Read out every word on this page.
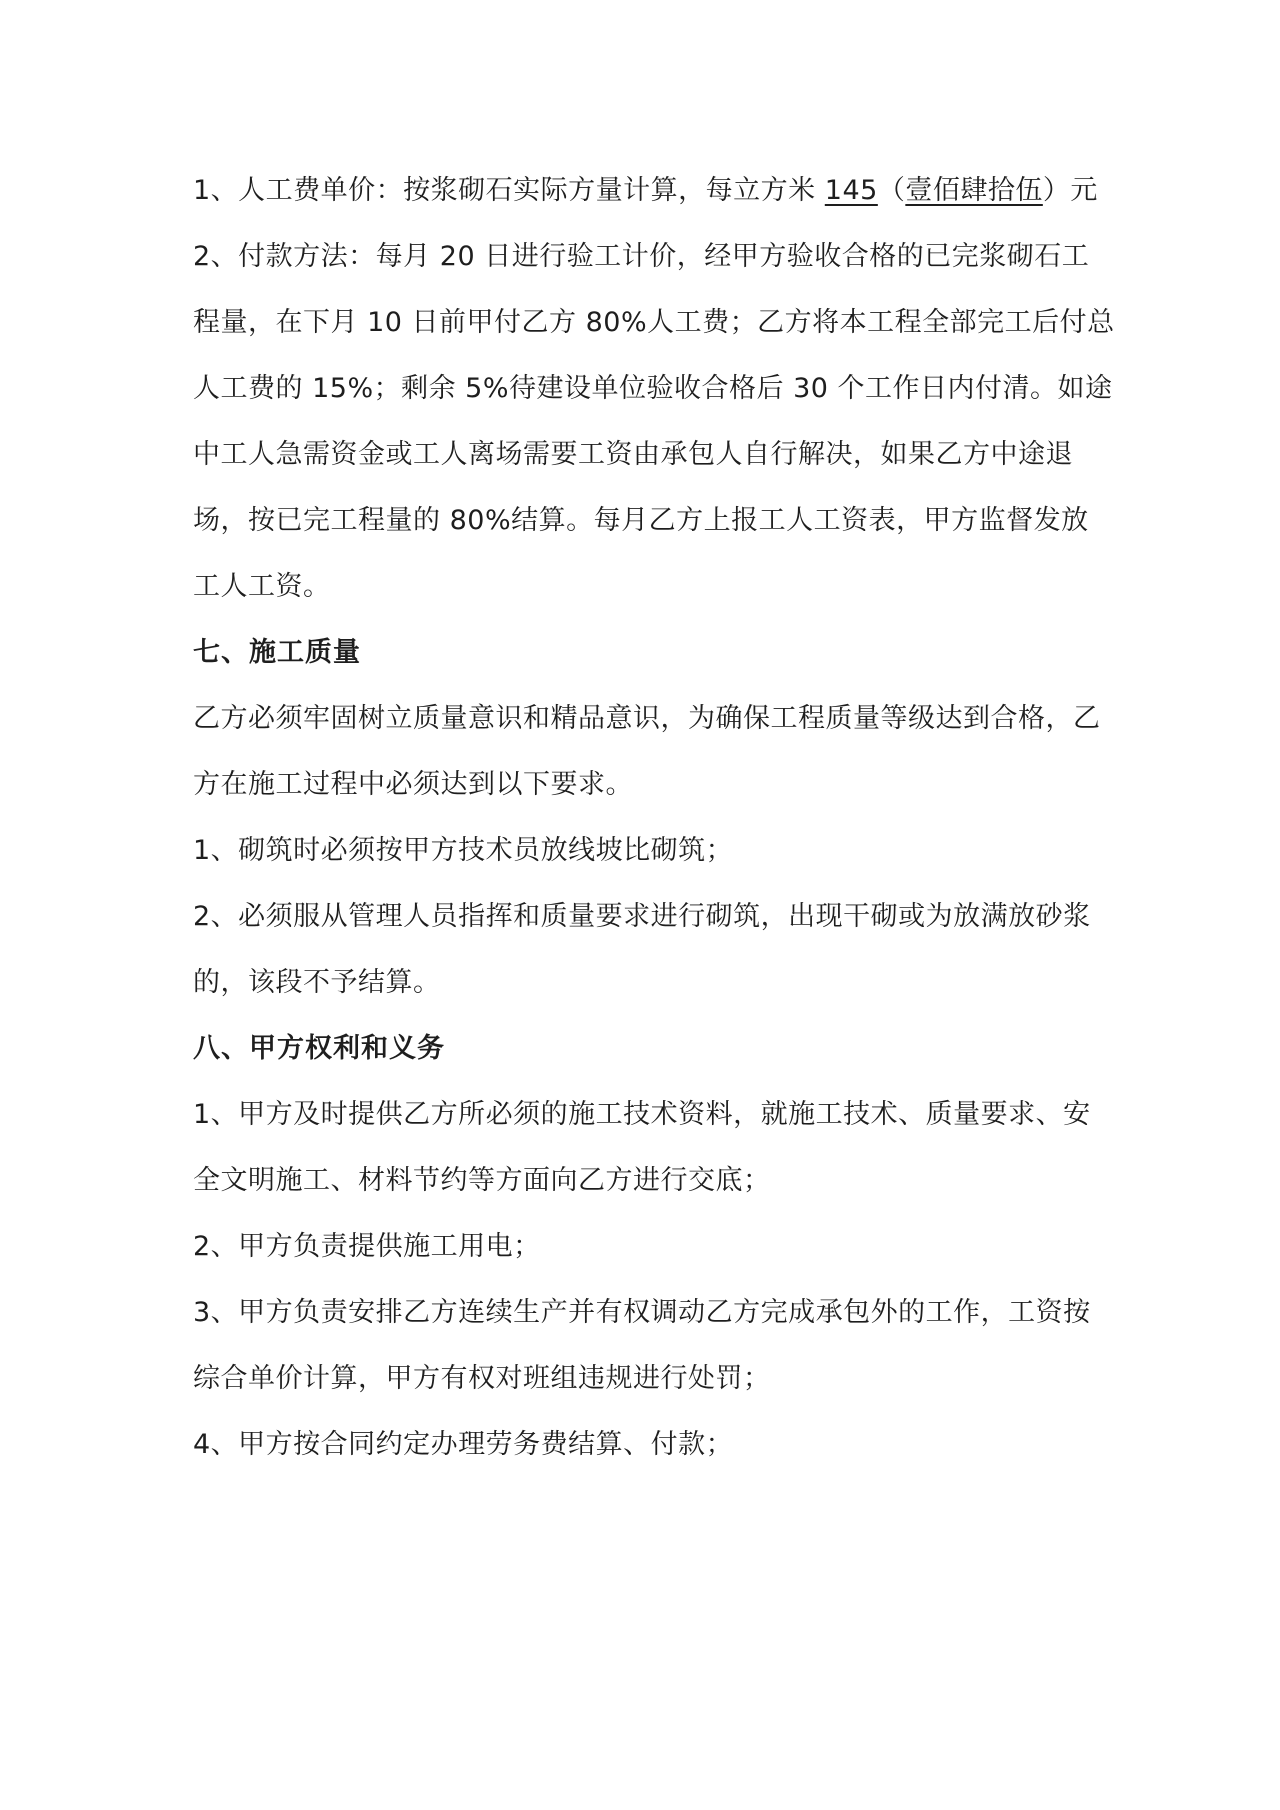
1、人工费单价：按浆砌石实际方量计算，每立方米 145（壹佰肆拾伍）元
2、付款方法：每月 20 日进行验工计价，经甲方验收合格的已完浆砌石工
程量，在下月 10 日前甲付乙方 80%人工费；乙方将本工程全部完工后付总
人工费的 15%；剩余 5%待建设单位验收合格后 30 个工作日内付清。如途
中工人急需资金或工人离场需要工资由承包人自行解决，如果乙方中途退
场，按已完工程量的 80%结算。每月乙方上报工人工资表，甲方监督发放
工人工资。
七、施工质量
乙方必须牢固树立质量意识和精品意识，为确保工程质量等级达到合格，乙
方在施工过程中必须达到以下要求。
1、砌筑时必须按甲方技术员放线坡比砌筑；
2、必须服从管理人员指挥和质量要求进行砌筑，出现干砌或为放满放砂浆
的，该段不予结算。
八、甲方权利和义务
1、甲方及时提供乙方所必须的施工技术资料，就施工技术、质量要求、安
全文明施工、材料节约等方面向乙方进行交底；
2、甲方负责提供施工用电；
3、甲方负责安排乙方连续生产并有权调动乙方完成承包外的工作，工资按
综合单价计算，甲方有权对班组违规进行处罚；
4、甲方按合同约定办理劳务费结算、付款；
